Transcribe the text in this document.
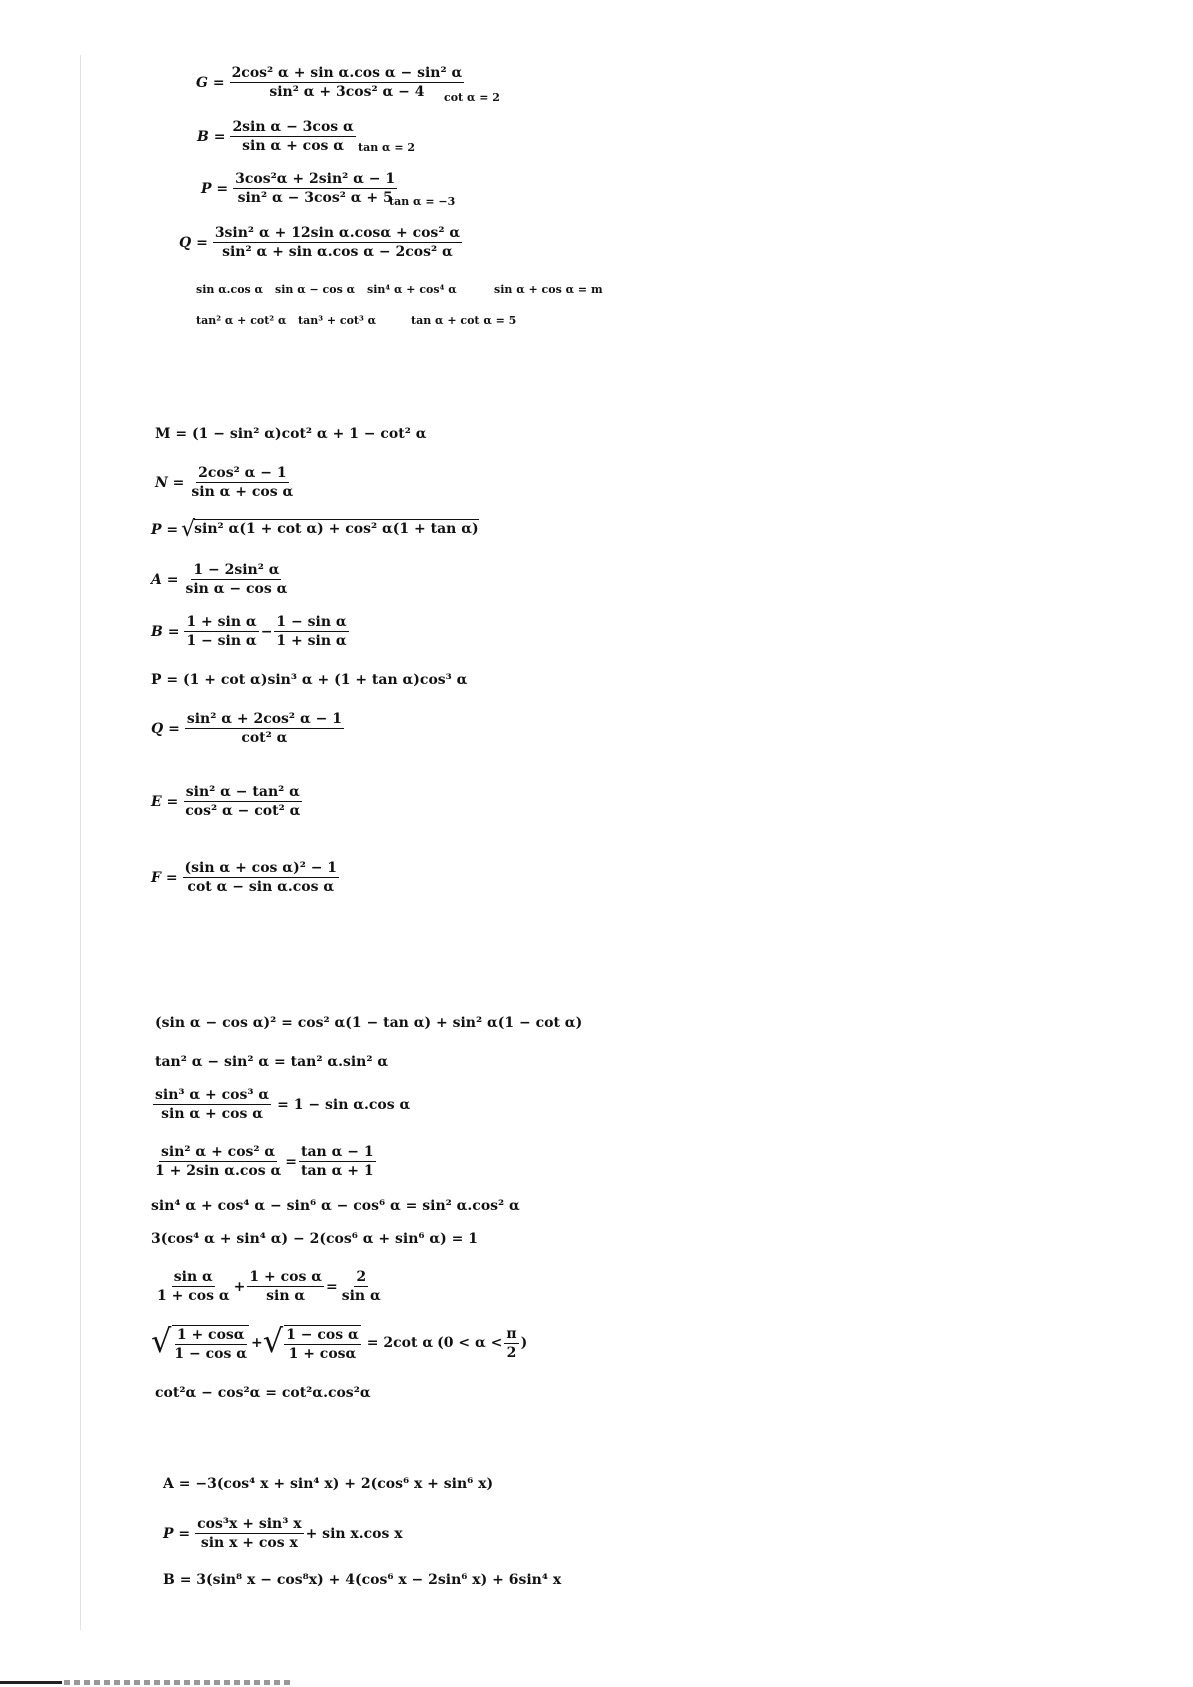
$G = \frac{\text{2cos² α + sin α.cos α − sin² α}}{\text{sin² α + 3cos² α − 4}}$
cot α = 2
$B = \frac{\text{2sin α − 3cos α}}{\text{sin α + cos α}}$ tan α = 2
$P = \frac{\text{3cos²α + 2sin² α − 1}}{\text{sin² α − 3cos² α + 5}}$
tan α = −3
$Q = \frac{\text{3sin² α + 12sin α.cosα + cos² α}}{\text{sin² α + sin α.cos α − 2cos² α}}$
sin α.cos α sin α − cos α sin⁴ α + cos⁴ α	sin α + cos α = m
tan² α + cot² α tan³ + cot³ α	tan α + cot α = 5
M = (1 − sin² α)cot² α + 1 − cot² α
$N = \frac{\text{2cos² α − 1}}{\text{sin α + cos α}}$
P = √ sin² α(1 + cot α) + cos² α(1 + tan α)
$A = \frac{\text{1 − 2sin² α}}{\text{sin α − cos α}}$
$B = \frac{\text{1 + sin α}}{\text{1 − sin α}} - \frac{\text{1 − sin α}}{\text{1 + sin α}}$
P = (1 + cot α)sin³ α + (1 + tan α)cos³ α
$Q = \frac{\text{sin² α + 2cos² α − 1}}{\text{cot² α}}$
$E = \frac{\text{sin² α − tan² α}}{\text{cos² α − cot² α}}$
$F = \frac{\text{(sin α + cos α)² − 1}}{\text{cot α − sin α.cos α}}$
(sin α − cos α)² = cos² α(1 − tan α) + sin² α(1 − cot α)
tan² α − sin² α = tan² α.sin² α
$\frac{\text{sin³ α + cos³ α}}{\text{sin α + cos α}} = 1 - \sin \alpha.\cos$ α
$\frac{\text{sin² α + cos² α}}{\text{1 + 2sin α.cos α}} = \frac{\text{tan α − 1}}{\text{tan α + 1}}$
sin⁴ α + cos⁴ α − sin⁶ α − cos⁶ α = sin² α.cos² α
3(cos⁴ α + sin⁴ α) − 2(cos⁶ α + sin⁶ α) = 1
$\frac{\text{sin α}}{\text{1 + cos α}} + \frac{\text{1 + cos α}}{\text{sin α}} = \frac{2}{\text{sin α}}$
√ $\frac{1 + \cos\alpha}{\text{1 − cos α}}$ + √ $\frac{\text{1 − cos α}}{1 + \cos\alpha} = 2\cot$ α ($0 < \alpha < \frac{\pi}{2}$ )
cot²α − cos²α = cot²α.cos²α
A = −3(cos⁴ x + sin⁴ x) + 2(cos⁶ x + sin⁶ x)
$P = \frac{\text{cos³x + sin³ x}}{\text{sin x + cos x}} + \sin x.\cos$ x
B = 3(sin⁸ x − cos⁸x) + 4(cos⁶ x − 2sin⁶ x) + 6sin⁴ x
